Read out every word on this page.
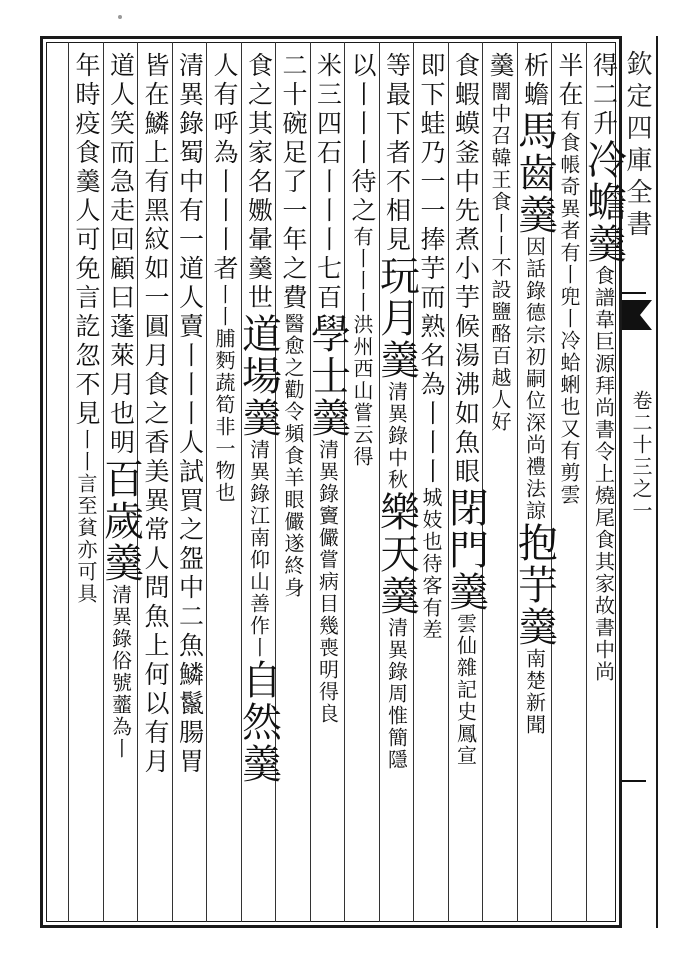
欽定四庫全書
卷二十三之一
得二升冷蟾羹食譜韋巨源拜尚書令上燒尾食其家故書中尚
半在有食帳奇異者有丨兜丨冷蛤蜊也又有剪雲
析蟾馬齒羹因話錄德宗初嗣位深尚禮法諒抱芋羹南楚新聞
羹闇中召韓王食丨丨不設鹽酪百越人好
食蝦蟆釜中先煮小芋候湯沸如魚眼閉門羹雲仙雜記史鳳宣
即下蛙乃一一捧芋而熟名為丨丨丨城妓也待客有差
等最下者不相見玩月羹清異錄中秋樂天羹清異錄周惟簡隱
以丨丨丨待之有丨丨丨洪州西山嘗云得
米三四石丨丨丨七百學士羹清異錄竇儼嘗病目幾喪明得良
二十碗足了一年之費醫愈之勸令頻食羊眼儼遂終身
食之其家名嫐暈羹世道場羹清異錄江南仰山善作丨自然羹
人有呼為丨丨丨者丨丨脯麪蔬筍非一物也
清異錄蜀中有一道人賣丨丨丨人試買之盌中二魚鱗鬣腸胃
皆在鱗上有黑紋如一圓月食之香美異常人問魚上何以有月
道人笑而急走回顧曰蓬萊月也明百歲羹清異錄俗號虀為丨
年時疫食羹人可免言訖忽不見丨丨言至貧亦可具
